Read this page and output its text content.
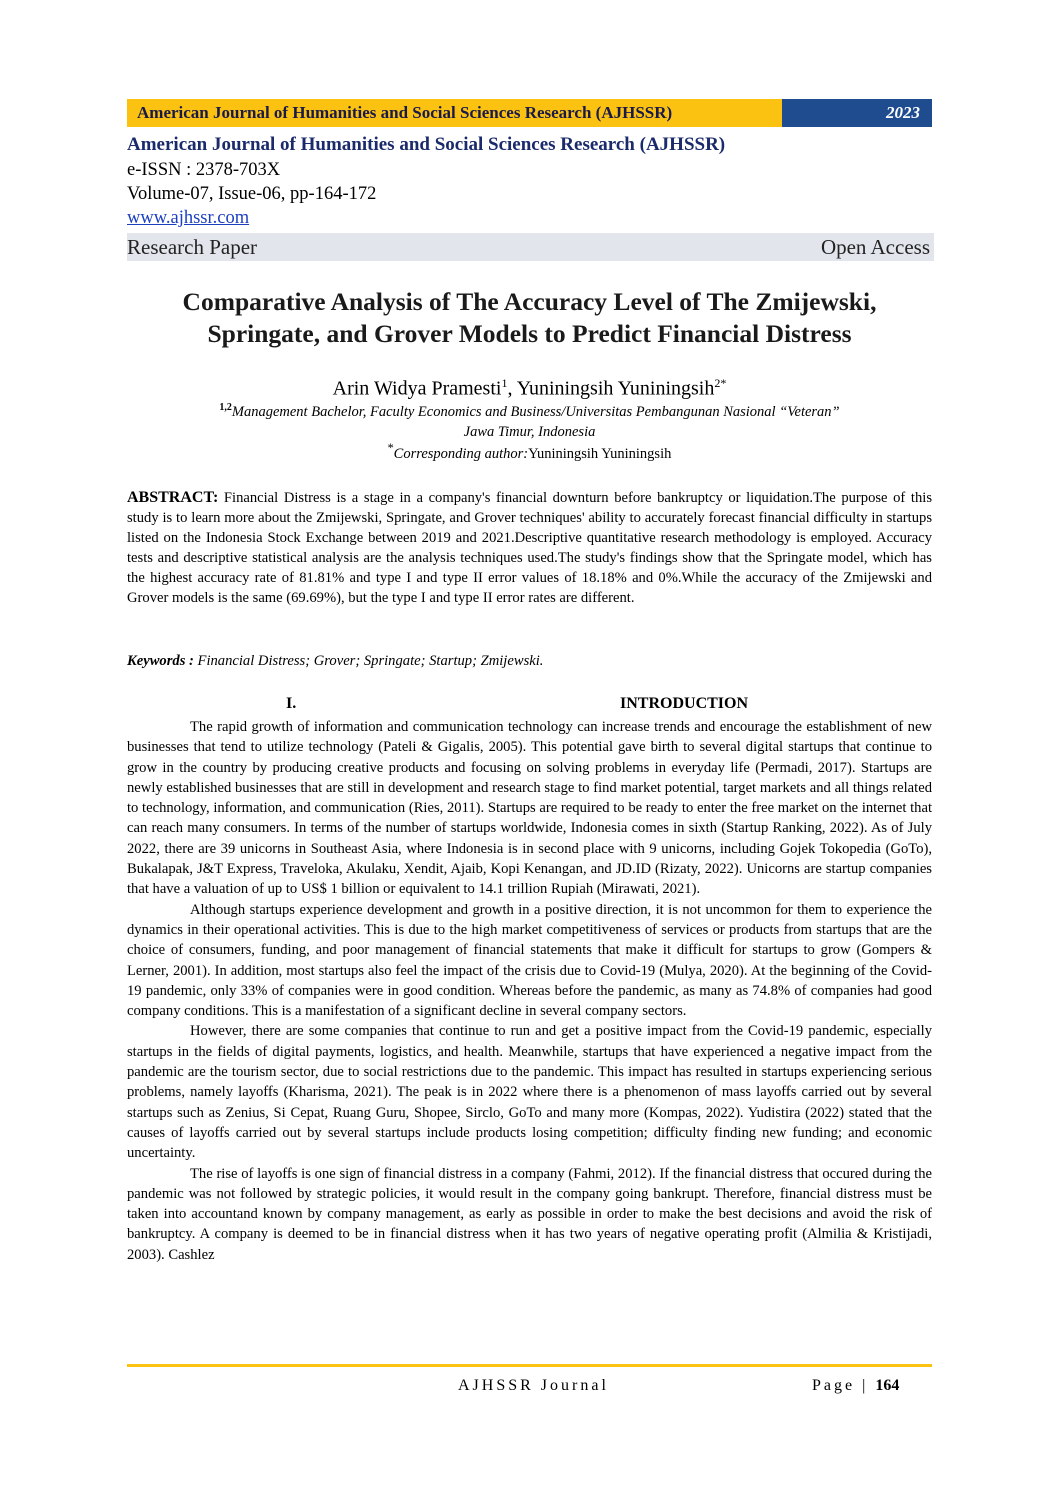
American Journal of Humanities and Social Sciences Research (AJHSSR)	2023
American Journal of Humanities and Social Sciences Research (AJHSSR)
e-ISSN : 2378-703X
Volume-07, Issue-06, pp-164-172
www.ajhssr.com
Research Paper	Open Access
Comparative Analysis of The Accuracy Level of The Zmijewski,
Springate, and Grover Models to Predict Financial Distress
Arin Widya Pramesti$^1$, Yuniningsih Yuniningsih$^{2*}$
$^{1,2}$Management Bachelor, Faculty Economics and Business/Universitas Pembangunan Nasional “Veteran”
Jawa Timur, Indonesia
*Corresponding author:Yuniningsih Yuniningsih
ABSTRACT: Financial Distress is a stage in a company's financial downturn before bankruptcy or liquidation.The purpose of this study is to learn more about the Zmijewski, Springate, and Grover techniques' ability to accurately forecast financial difficulty in startups listed on the Indonesia Stock Exchange between 2019 and 2021.Descriptive quantitative research methodology is employed. Accuracy tests and descriptive statistical analysis are the analysis techniques used.The study's findings show that the Springate model, which has the highest accuracy rate of 81.81% and type I and type II error values of 18.18% and 0%.While the accuracy of the Zmijewski and Grover models is the same (69.69%), but the type I and type II error rates are different.
Keywords : Financial Distress; Grover; Springate; Startup; Zmijewski.
I.	INTRODUCTION

The rapid growth of information and communication technology can increase trends and encourage the establishment of new businesses that tend to utilize technology (Pateli & Gigalis, 2005). This potential gave birth to several digital startups that continue to grow in the country by producing creative products and focusing on solving problems in everyday life (Permadi, 2017). Startups are newly established businesses that are still in development and research stage to find market potential, target markets and all things related to technology, information, and communication (Ries, 2011). Startups are required to be ready to enter the free market on the internet that can reach many consumers. In terms of the number of startups worldwide, Indonesia comes in sixth (Startup Ranking, 2022). As of July 2022, there are 39 unicorns in Southeast Asia, where Indonesia is in second place with 9 unicorns, including Gojek Tokopedia (GoTo), Bukalapak, J&T Express, Traveloka, Akulaku, Xendit, Ajaib, Kopi Kenangan, and JD.ID (Rizaty, 2022). Unicorns are startup companies that have a valuation of up to US$ 1 billion or equivalent to 14.1 trillion Rupiah (Mirawati, 2021).

Although startups experience development and growth in a positive direction, it is not uncommon for them to experience the dynamics in their operational activities. This is due to the high market competitiveness of services or products from startups that are the choice of consumers, funding, and poor management of financial statements that make it difficult for startups to grow (Gompers & Lerner, 2001). In addition, most startups also feel the impact of the crisis due to Covid-19 (Mulya, 2020). At the beginning of the Covid-19 pandemic, only 33% of companies were in good condition. Whereas before the pandemic, as many as 74.8% of companies had good company conditions. This is a manifestation of a significant decline in several company sectors.

However, there are some companies that continue to run and get a positive impact from the Covid-19 pandemic, especially startups in the fields of digital payments, logistics, and health. Meanwhile, startups that have experienced a negative impact from the pandemic are the tourism sector, due to social restrictions due to the pandemic. This impact has resulted in startups experiencing serious problems, namely layoffs (Kharisma, 2021). The peak is in 2022 where there is a phenomenon of mass layoffs carried out by several startups such as Zenius, Si Cepat, Ruang Guru, Shopee, Sirclo, GoTo and many more (Kompas, 2022). Yudistira (2022) stated that the causes of layoffs carried out by several startups include products losing competition; difficulty finding new funding; and economic uncertainty.

The rise of layoffs is one sign of financial distress in a company (Fahmi, 2012). If the financial distress that occured during the pandemic was not followed by strategic policies, it would result in the company going bankrupt. Therefore, financial distress must be taken into accountand known by company management, as early as possible in order to make the best decisions and avoid the risk of bankruptcy. A company is deemed to be in financial distress when it has two years of negative operating profit (Almilia & Kristijadi, 2003). Cashlez

AJHSSR Journal	Page | 164
